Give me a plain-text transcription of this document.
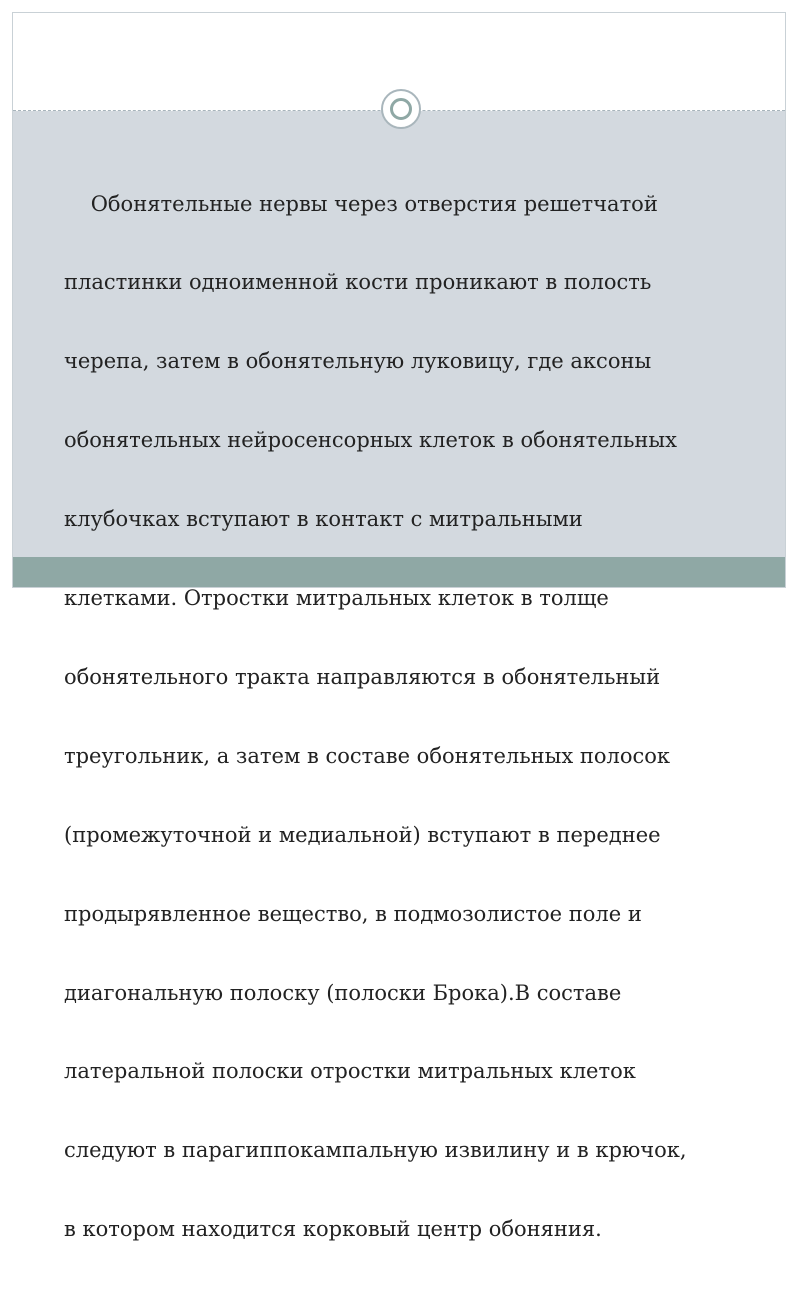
Обонятельные нервы через отверстия решетчатой

пластинки одноименной кости проникают в полость

черепа, затем в обонятельную луковицу, где аксоны

обонятельных нейросенсорных клеток в обонятельных

клубочках вступают в контакт с митральными

клетками. Отростки митральных клеток в толще

обонятельного тракта направляются в обонятельный

треугольник, а затем в составе обонятельных полосок

(промежуточной и медиальной) вступают в переднее

продырявленное вещество, в подмозолистое поле и

диагональную полоску (полоски Брока).В составе

латеральной полоски отростки митральных клеток

следуют в парагиппокампальную извилину и в крючок,

в котором находится корковый центр обоняния.
